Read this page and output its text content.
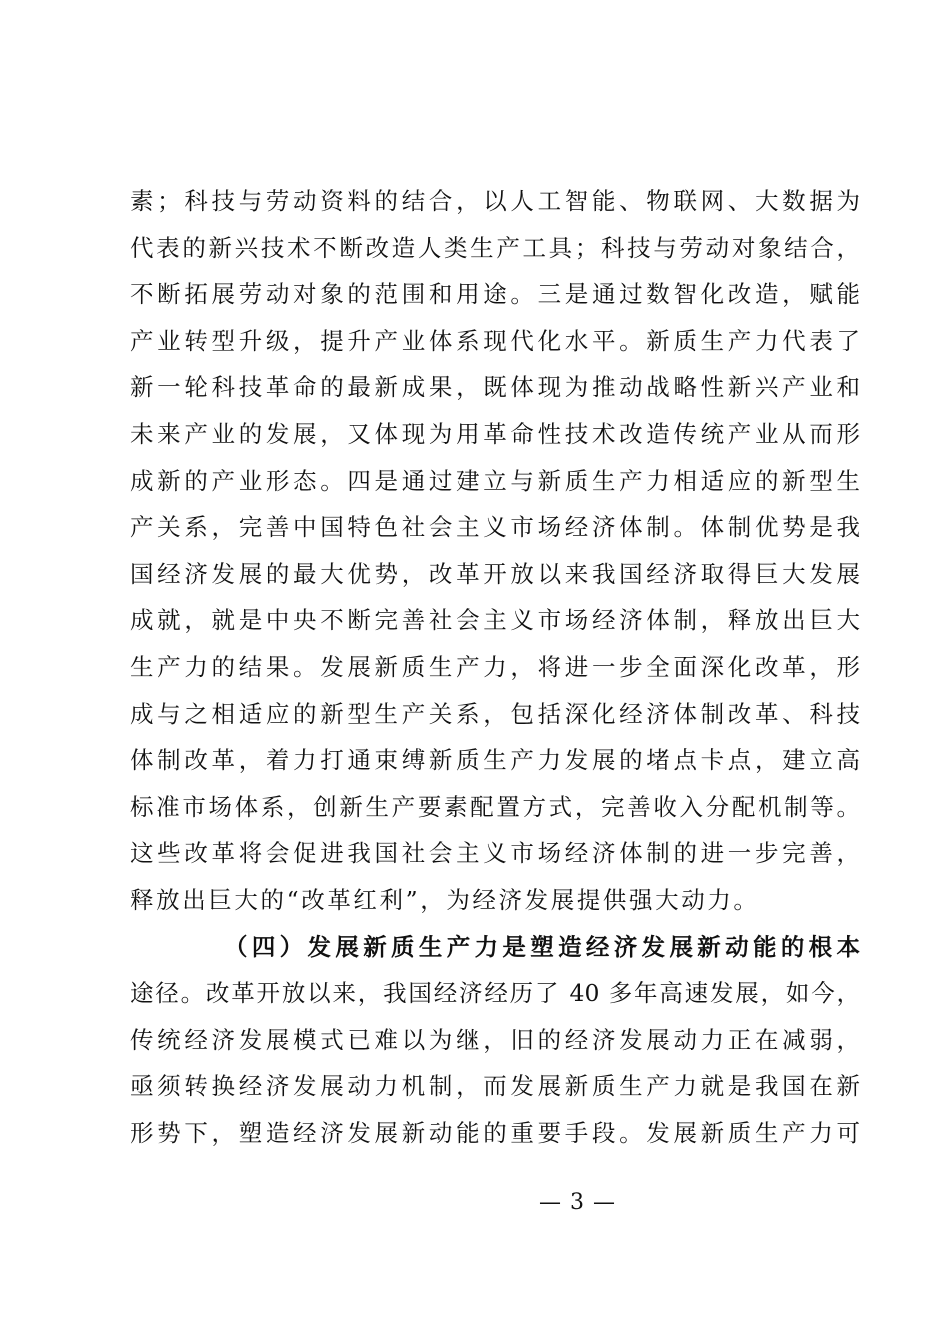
素；科技与劳动资料的结合，以人工智能、物联网、大数据为
代表的新兴技术不断改造人类生产工具；科技与劳动对象结合，
不断拓展劳动对象的范围和用途。三是通过数智化改造，赋能
产业转型升级，提升产业体系现代化水平。新质生产力代表了
新一轮科技革命的最新成果，既体现为推动战略性新兴产业和
未来产业的发展，又体现为用革命性技术改造传统产业从而形
成新的产业形态。四是通过建立与新质生产力相适应的新型生
产关系，完善中国特色社会主义市场经济体制。体制优势是我
国经济发展的最大优势，改革开放以来我国经济取得巨大发展
成就，就是中央不断完善社会主义市场经济体制，释放出巨大
生产力的结果。发展新质生产力，将进一步全面深化改革，形
成与之相适应的新型生产关系，包括深化经济体制改革、科技
体制改革，着力打通束缚新质生产力发展的堵点卡点，建立高
标准市场体系，创新生产要素配置方式，完善收入分配机制等。
这些改革将会促进我国社会主义市场经济体制的进一步完善，
释放出巨大的“改革红利”，为经济发展提供强大动力。
（四）发展新质生产力是塑造经济发展新动能的根本
途径。改革开放以来，我国经济经历了 40 多年高速发展，如今，
传统经济发展模式已难以为继，旧的经济发展动力正在减弱，
亟须转换经济发展动力机制，而发展新质生产力就是我国在新
形势下，塑造经济发展新动能的重要手段。发展新质生产力可
— 3 —
